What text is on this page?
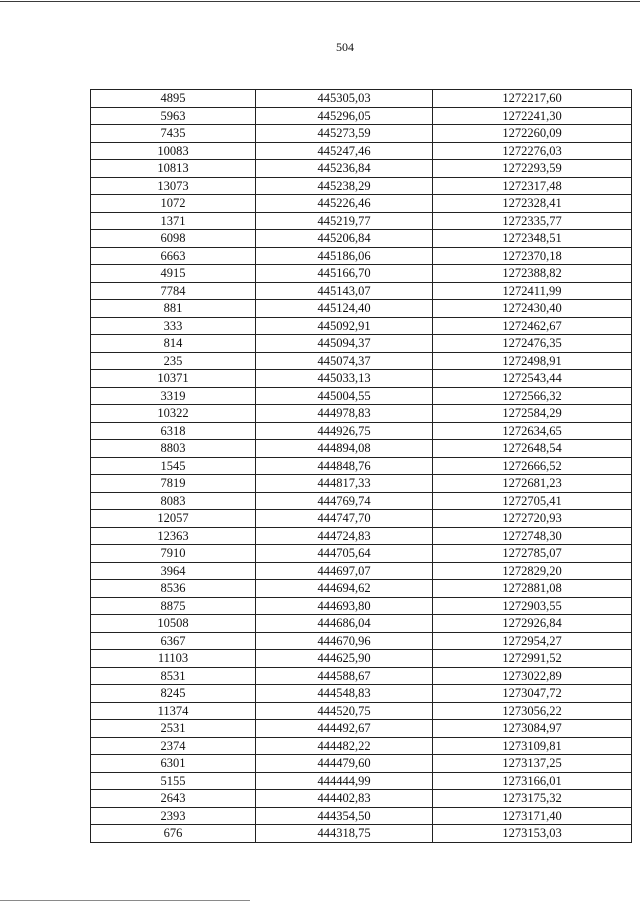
504
4895	445305,03	1272217,60
5963	445296,05	1272241,30
7435	445273,59	1272260,09
10083	445247,46	1272276,03
10813	445236,84	1272293,59
13073	445238,29	1272317,48
1072	445226,46	1272328,41
1371	445219,77	1272335,77
6098	445206,84	1272348,51
6663	445186,06	1272370,18
4915	445166,70	1272388,82
7784	445143,07	1272411,99
881	445124,40	1272430,40
333	445092,91	1272462,67
814	445094,37	1272476,35
235	445074,37	1272498,91
10371	445033,13	1272543,44
3319	445004,55	1272566,32
10322	444978,83	1272584,29
6318	444926,75	1272634,65
8803	444894,08	1272648,54
1545	444848,76	1272666,52
7819	444817,33	1272681,23
8083	444769,74	1272705,41
12057	444747,70	1272720,93
12363	444724,83	1272748,30
7910	444705,64	1272785,07
3964	444697,07	1272829,20
8536	444694,62	1272881,08
8875	444693,80	1272903,55
10508	444686,04	1272926,84
6367	444670,96	1272954,27
11103	444625,90	1272991,52
8531	444588,67	1273022,89
8245	444548,83	1273047,72
11374	444520,75	1273056,22
2531	444492,67	1273084,97
2374	444482,22	1273109,81
6301	444479,60	1273137,25
5155	444444,99	1273166,01
2643	444402,83	1273175,32
2393	444354,50	1273171,40
676	444318,75	1273153,03
